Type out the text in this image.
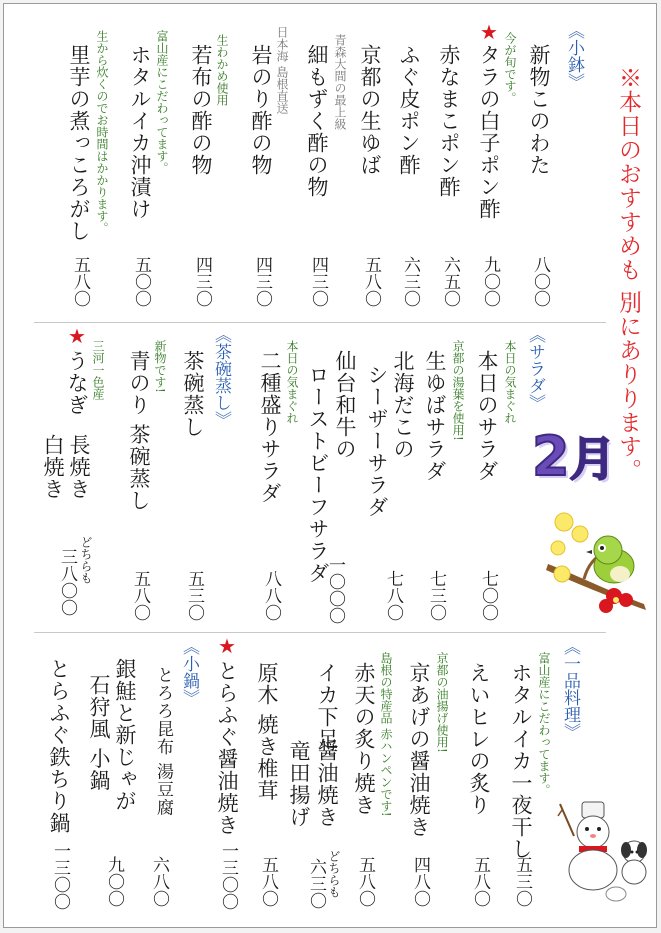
※本日のおすすめも 別にありります。
《小鉢》
新物このわた
八〇〇
★ 今が旬です。
タラの白子ポン酢
九〇〇
赤なまこポン酢
六五〇
ふぐ皮ポン酢
六三〇
京都の生ゆば
五八〇
青森大間の最上級
細もずく酢の物
四三〇
日本海 島根直送
岩のり酢の物
四三〇
生わかめ使用
若布の酢の物
四三〇
富山産にこだわってます。
ホタルイカ沖漬け
五〇〇
生から炊くのでお時間はかかります。
里芋の煮っころがし
五八〇
《サラダ》
本日の気まぐれ
本日のサラダ
七〇〇
京都の湯葉を使用!
生ゆばサラダ
七三〇
北海だこの
シーザーサラダ
七八〇
仙台和牛の
ローストビーフサラダ
一〇〇〇
本日の気まぐれ
二種盛りサラダ
八八〇
《茶碗蒸し》
茶碗蒸し
五三〇
新物です!
青のり 茶碗蒸し
五八〇
★
三河一色産
うなぎ
長焼き
白焼き
どちらも
三八〇〇
2月
《一品料理》
富山産にこだわってます。
ホタルイカ一夜干し
五三〇
えいヒレの炙り
五八〇
京都の油揚げ使用!
京あげの醤油焼き
四八〇
島根の特産品 赤ハンペンです!
赤天の炙り焼き
五八〇
イカ下足
醤油焼き
竜田揚げ
どちらも
六三〇
原木 焼き椎茸
五八〇
★
とらふぐ醤油焼き
一三〇〇
《小鍋》
とろろ昆布 湯豆腐
六八〇
銀鮭と新じゃが
石狩風 小鍋
九〇〇
とらふぐ鉄ちり鍋
一三〇〇
